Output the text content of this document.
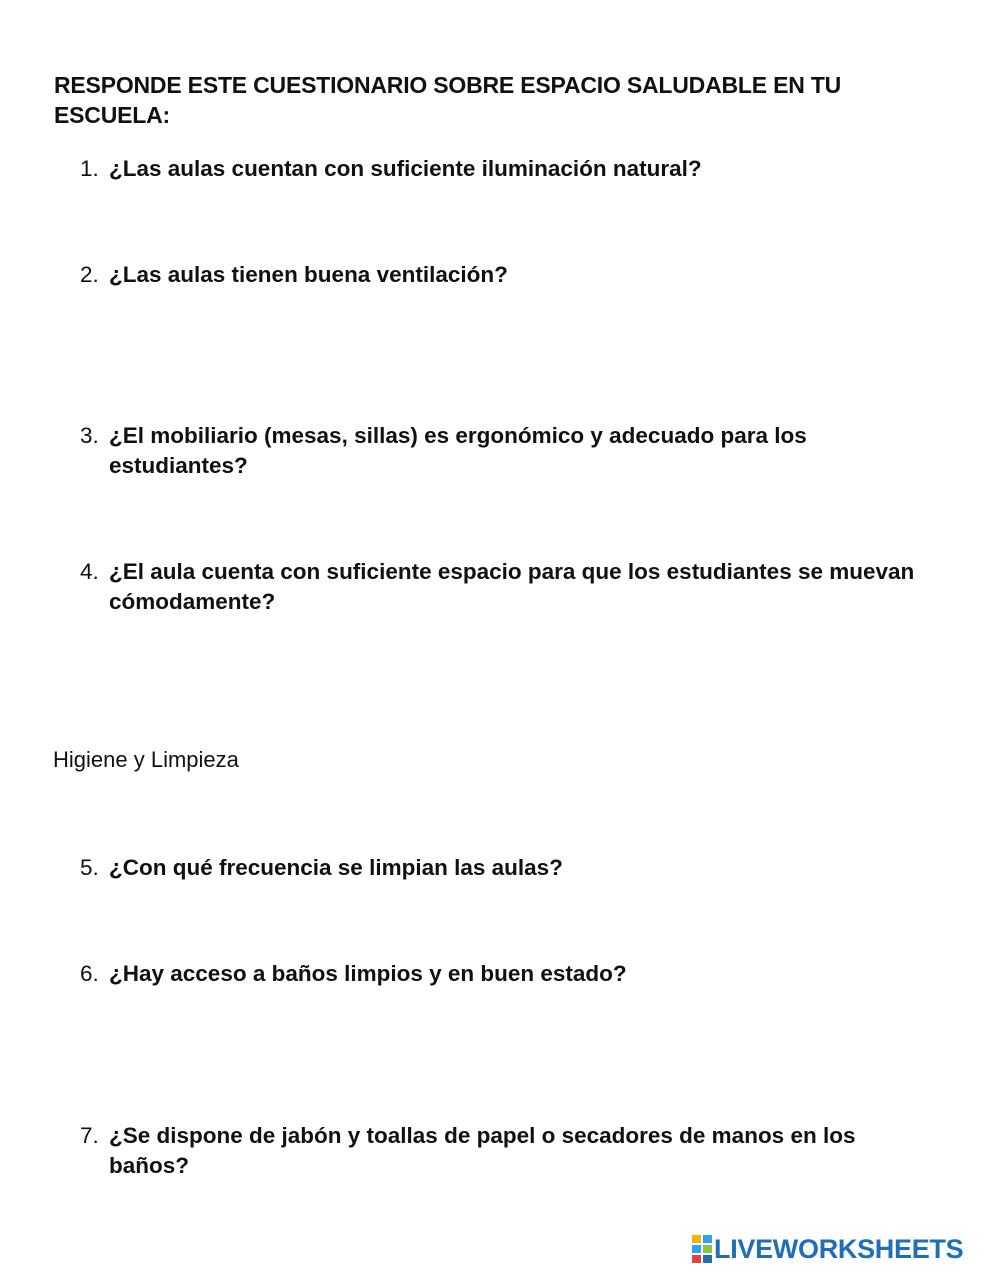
RESPONDE ESTE CUESTIONARIO SOBRE ESPACIO SALUDABLE EN TU ESCUELA:
1. ¿Las aulas cuentan con suficiente iluminación natural?
2. ¿Las aulas tienen buena ventilación?
3. ¿El mobiliario (mesas, sillas) es ergonómico y adecuado para los estudiantes?
4. ¿El aula cuenta con suficiente espacio para que los estudiantes se muevan cómodamente?
Higiene y Limpieza
5. ¿Con qué frecuencia se limpian las aulas?
6. ¿Hay acceso a baños limpios y en buen estado?
7. ¿Se dispone de jabón y toallas de papel o secadores de manos en los baños?
LIVEWORKSHEETS
